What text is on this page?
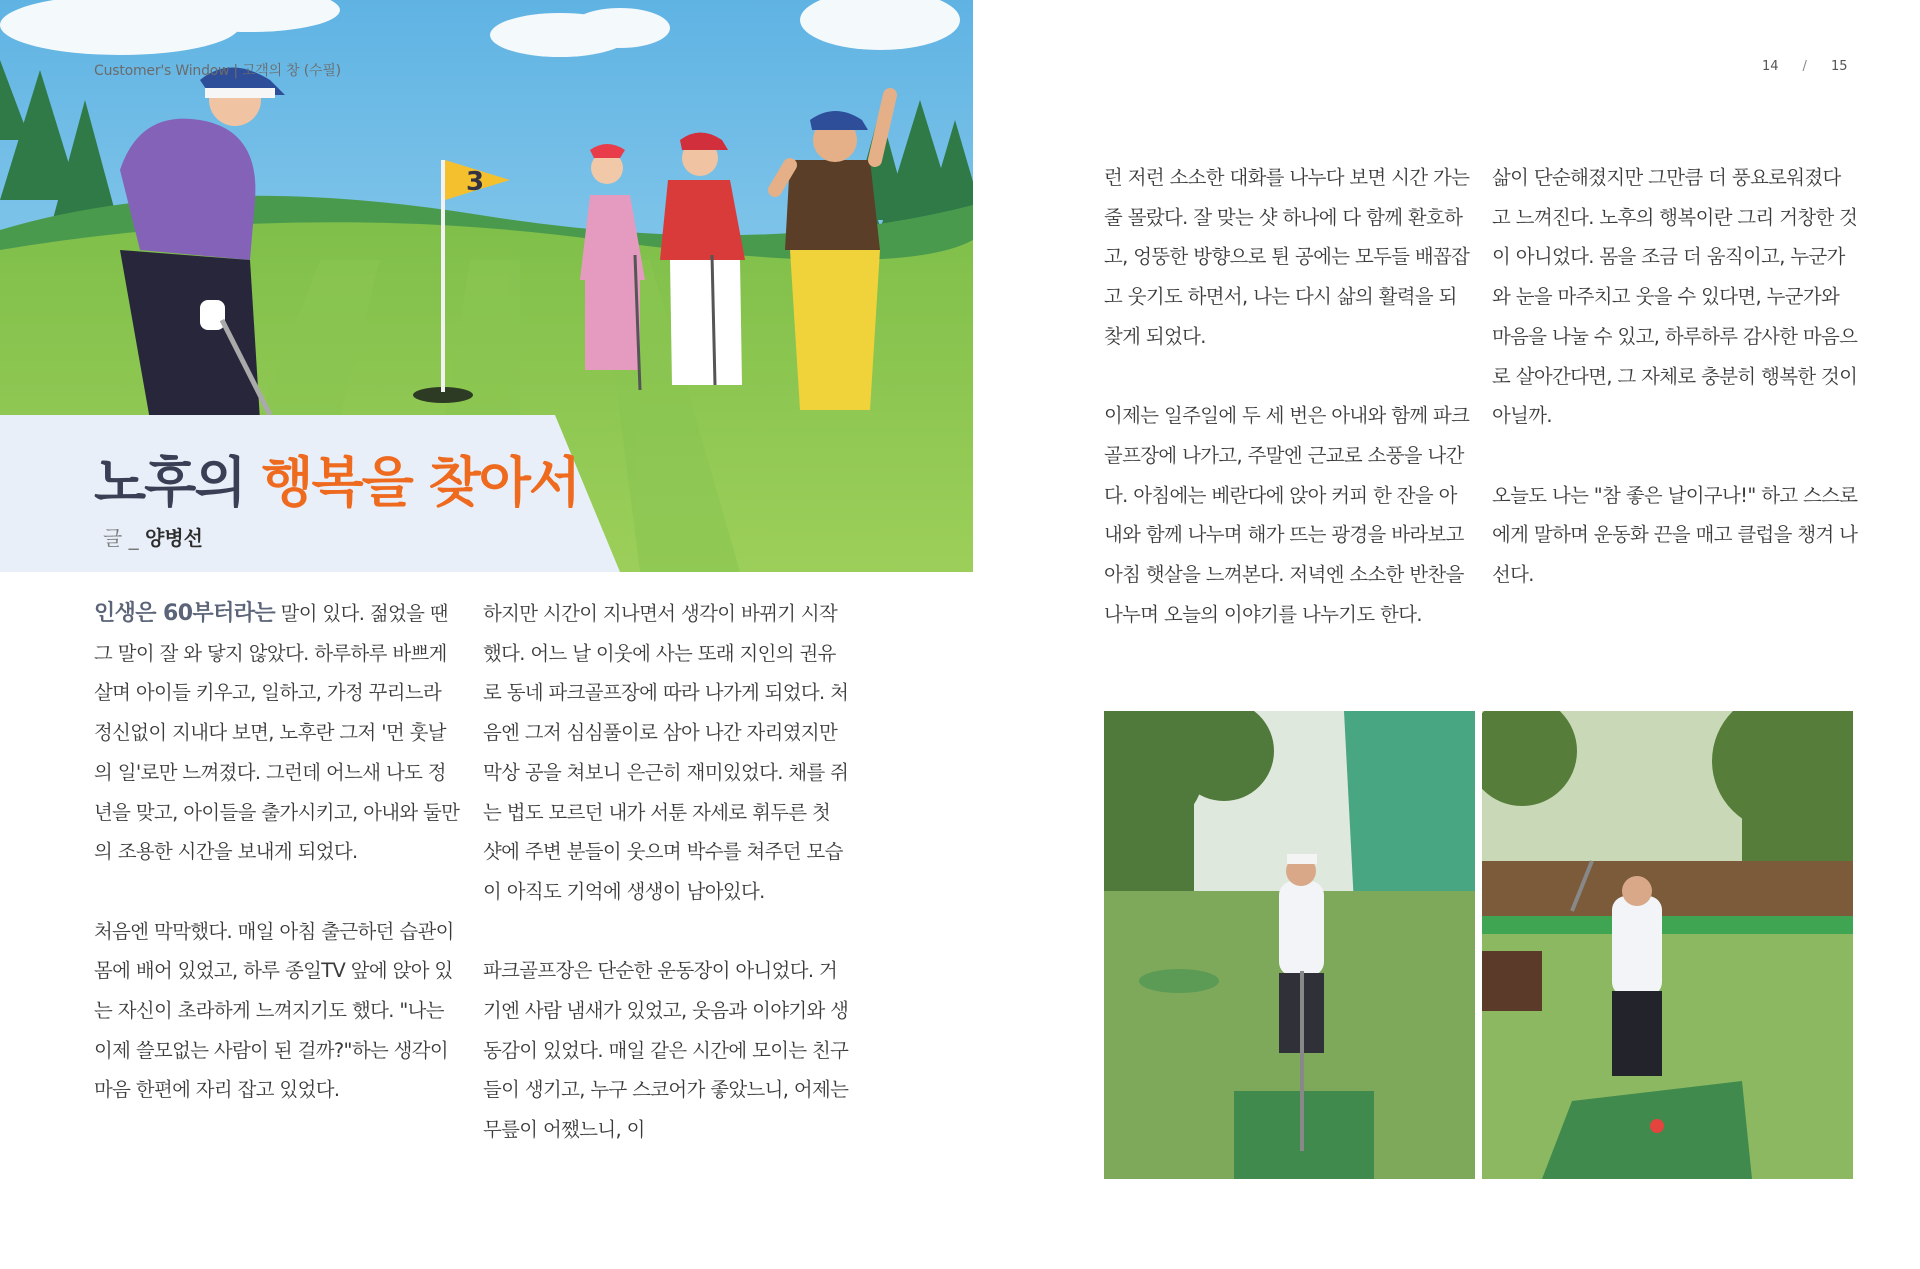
3
Customer's Window | 고객의 창 (수필)
노후의 행복을 찾아서
글 _ 양병선
14 / 15

인생은 60부터라는 말이 있다. 젊었을 땐 그 말이 잘 와 닿지 않았다. 하루하루 바쁘게 살며 아이들 키우고, 일하고, 가정 꾸리느라 정신없이 지내다 보면, 노후란 그저 '먼 훗날의 일'로만 느껴졌다. 그런데 어느새 나도 정년을 맞고, 아이들을 출가시키고, 아내와 둘만의 조용한 시간을 보내게 되었다.

처음엔 막막했다. 매일 아침 출근하던 습관이 몸에 배어 있었고, 하루 종일TV 앞에 앉아 있는 자신이 초라하게 느껴지기도 했다. "나는 이제 쓸모없는 사람이 된 걸까?"하는 생각이 마음 한편에 자리 잡고 있었다.

하지만 시간이 지나면서 생각이 바뀌기 시작했다. 어느 날 이웃에 사는 또래 지인의 권유로 동네 파크골프장에 따라 나가게 되었다. 처음엔 그저 심심풀이로 삼아 나간 자리였지만 막상 공을 쳐보니 은근히 재미있었다. 채를 쥐는 법도 모르던 내가 서툰 자세로 휘두른 첫 샷에 주변 분들이 웃으며 박수를 쳐주던 모습이 아직도 기억에 생생이 남아있다.

파크골프장은 단순한 운동장이 아니었다. 거기엔 사람 냄새가 있었고, 웃음과 이야기와 생동감이 있었다. 매일 같은 시간에 모이는 친구들이 생기고, 누구 스코어가 좋았느니, 어제는 무릎이 어쨌느니, 이

런 저런 소소한 대화를 나누다 보면 시간 가는 줄 몰랐다. 잘 맞는 샷 하나에 다 함께 환호하고, 엉뚱한 방향으로 튄 공에는 모두들 배꼽잡고 웃기도 하면서, 나는 다시 삶의 활력을 되찾게 되었다.

이제는 일주일에 두 세 번은 아내와 함께 파크골프장에 나가고, 주말엔 근교로 소풍을 나간다. 아침에는 베란다에 앉아 커피 한 잔을 아내와 함께 나누며 해가 뜨는 광경을 바라보고 아침 햇살을 느껴본다. 저녁엔 소소한 반찬을 나누며 오늘의 이야기를 나누기도 한다.

삶이 단순해졌지만 그만큼 더 풍요로워졌다고 느껴진다. 노후의 행복이란 그리 거창한 것이 아니었다. 몸을 조금 더 움직이고, 누군가와 눈을 마주치고 웃을 수 있다면, 누군가와 마음을 나눌 수 있고, 하루하루 감사한 마음으로 살아간다면, 그 자체로 충분히 행복한 것이 아닐까.

오늘도 나는 "참 좋은 날이구나!" 하고 스스로에게 말하며 운동화 끈을 매고 클럽을 챙겨 나선다.
